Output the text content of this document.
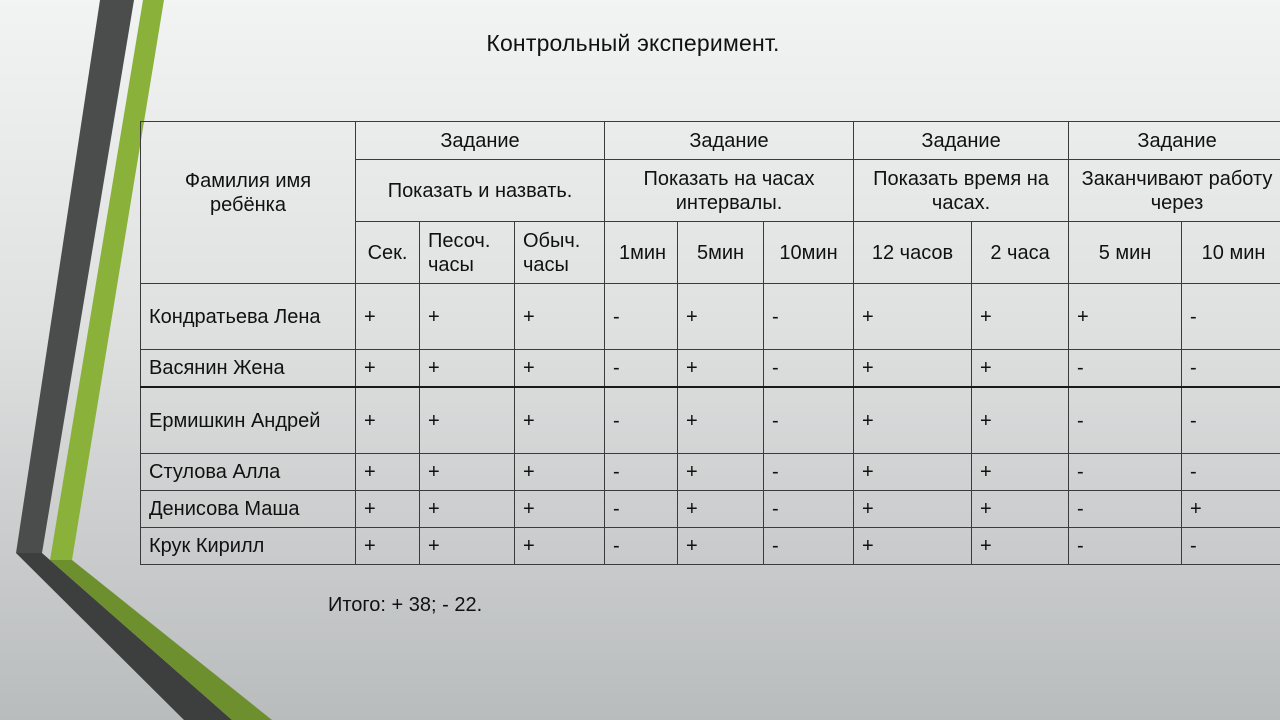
Контрольный эксперимент.
Фамилия имя ребёнка	Задание			Задание			Задание		Задание	
	Показать и назвать.			Показать на часах интервалы.			Показать время на часах.		Заканчивают работу через	
	Сек.	Песоч. часы	Обыч. часы	1мин	5мин	10мин	12 часов	2 часа	5 мин	10 мин
Кондратьева Лена	+	+	+	-	+	-	+	+	+	-
Васянин Жена	+	+	+	-	+	-	+	+	-	-
Ермишкин Андрей	+	+	+	-	+	-	+	+	-	-
Стулова Алла	+	+	+	-	+	-	+	+	-	-
Денисова Маша	+	+	+	-	+	-	+	+	-	+
Крук Кирилл	+	+	+	-	+	-	+	+	-	-
Итого: + 38; - 22.
